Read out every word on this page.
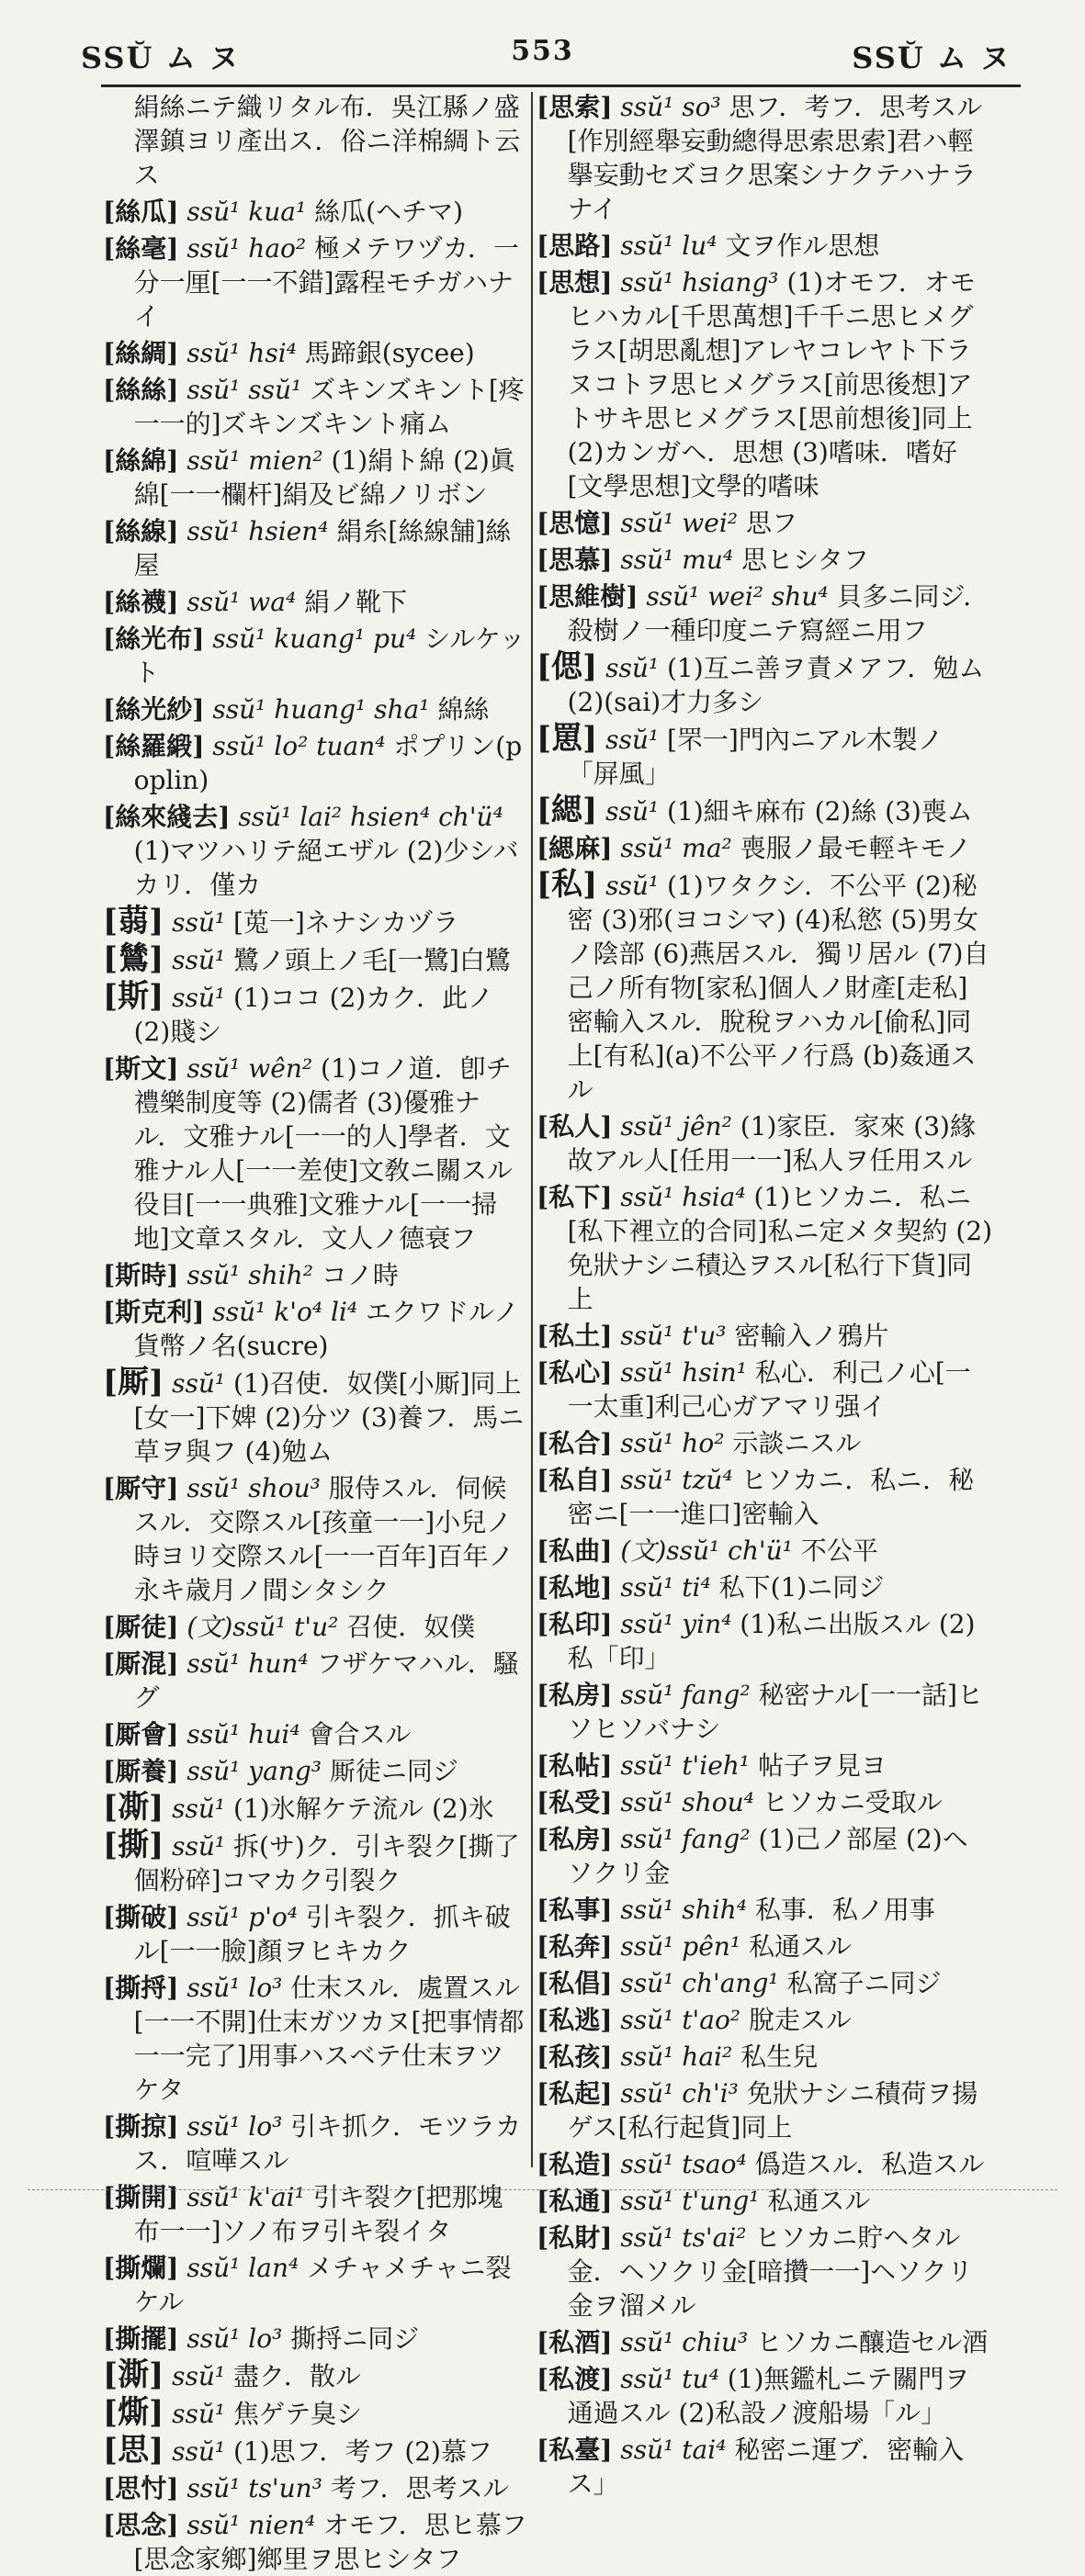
SSŬ ム ヌ	553	SSŬ ム ヌ

絹絲ニテ織リタル布．吳江縣ノ盛澤鎮ヨリ產出ス．俗ニ洋棉綢ト云ス

[絲瓜] ssŭ¹ kua¹ 絲瓜(ヘチマ)

[絲毫] ssŭ¹ hao² 極メテワヅカ．一分一厘[一一不錯]露程モチガハナイ

[絲綢] ssŭ¹ hsi⁴ 馬蹄銀(sycee)

[絲絲] ssŭ¹ ssŭ¹ ズキンズキント[疼一一的]ズキンズキント痛ム

[絲綿] ssŭ¹ mien² (1)絹ト綿 (2)眞綿[一一欄杆]絹及ビ綿ノリボン

[絲線] ssŭ¹ hsien⁴ 絹糸[絲線舗]絲屋

[絲襪] ssŭ¹ wa⁴ 絹ノ靴下

[絲光布] ssŭ¹ kuang¹ pu⁴ シルケット

[絲光紗] ssŭ¹ huang¹ sha¹ 綿絲

[絲羅緞] ssŭ¹ lo² tuan⁴ ポプリン(poplin)

[絲來綫去] ssŭ¹ lai² hsien⁴ ch'ü⁴ (1)マツハリテ絕エザル (2)少シバカリ．僅カ

[蒻] ssŭ¹ [莵一]ネナシカヅラ

[鷥] ssŭ¹ 鷺ノ頭上ノ毛[一鷺]白鷺

[斯] ssŭ¹ (1)ココ (2)カク．此ノ (2)賤シ

[斯文] ssŭ¹ wên² (1)コノ道．卽チ禮樂制度等 (2)儒者 (3)優雅ナル．文雅ナル[一一的人]學者．文雅ナル人[一一差使]文敎ニ關スル役目[一一典雅]文雅ナル[一一掃地]文章スタル．文人ノ德衰フ

[斯時] ssŭ¹ shih² コノ時

[斯克利] ssŭ¹ k'o⁴ li⁴ エクワドルノ貨幣ノ名(sucre)

[厮] ssŭ¹ (1)召使．奴僕[小厮]同上[女一]下婢 (2)分ツ (3)養フ．馬ニ草ヲ與フ (4)勉ム

[厮守] ssŭ¹ shou³ 服侍スル．伺候スル．交際スル[孩童一一]小兒ノ時ヨリ交際スル[一一百年]百年ノ永キ歳月ノ間シタシク

[厮徒] (文)ssŭ¹ t'u² 召使．奴僕

[厮混] ssŭ¹ hun⁴ フザケマハル．騷グ

[厮會] ssŭ¹ hui⁴ 會合スル

[厮養] ssŭ¹ yang³ 厮徒ニ同ジ

[凘] ssŭ¹ (1)氷解ケテ流ル (2)氷

[撕] ssŭ¹ 拆(サ)ク．引キ裂ク[撕了個粉碎]コマカク引裂ク

[撕破] ssŭ¹ p'o⁴ 引キ裂ク．抓キ破ル[一一臉]顏ヲヒキカク

[撕捋] ssŭ¹ lo³ 仕末スル．處置スル[一一不開]仕末ガツカヌ[把事情都一一完了]用事ハスベテ仕末ヲツケタ

[撕掠] ssŭ¹ lo³ 引キ抓ク．モツラカス．喧嘩スル

[撕開] ssŭ¹ k'ai¹ 引キ裂ク[把那塊布一一]ソノ布ヲ引キ裂イタ

[撕爛] ssŭ¹ lan⁴ メチャメチャニ裂ケル

[撕擺] ssŭ¹ lo³ 撕捋ニ同ジ

[澌] ssŭ¹ 盡ク．散ル

[燍] ssŭ¹ 焦ゲテ臭シ

[思] ssŭ¹ (1)思フ．考フ (2)慕フ

[思忖] ssŭ¹ ts'un³ 考フ．思考スル

[思念] ssŭ¹ nien⁴ オモフ．思ヒ慕フ[思念家鄉]鄉里ヲ思ヒシタフ

[思索] ssŭ¹ so³ 思フ．考フ．思考スル[作別經舉妄動總得思索思索]君ハ輕擧妄動セズヨク思案シナクテハナラナイ

[思路] ssŭ¹ lu⁴ 文ヲ作ル思想

[思想] ssŭ¹ hsiang³ (1)オモフ．オモヒハカル[千思萬想]千千ニ思ヒメグラス[胡思亂想]アレヤコレヤト下ラヌコトヲ思ヒメグラス[前思後想]アトサキ思ヒメグラス[思前想後]同上 (2)カンガヘ．思想 (3)嗜味．嗜好[文學思想]文學的嗜味

[思憶] ssŭ¹ wei² 思フ

[思慕] ssŭ¹ mu⁴ 思ヒシタフ

[思維樹] ssŭ¹ wei² shu⁴ 貝多ニ同ジ．殺樹ノ一種印度ニテ寫經ニ用フ

[偲] ssŭ¹ (1)互ニ善ヲ責メアフ．勉ム (2)(sai)才力多シ

[罳] ssŭ¹ [罘一]門內ニアル木製ノ「屏風」

[緦] ssŭ¹ (1)細キ麻布 (2)絲 (3)喪ム

[緦麻] ssŭ¹ ma² 喪服ノ最モ輕キモノ

[私] ssŭ¹ (1)ワタクシ．不公平 (2)秘密 (3)邪(ヨコシマ) (4)私慾 (5)男女ノ陰部 (6)燕居スル．獨リ居ル (7)自己ノ所有物[家私]個人ノ財產[走私]密輸入スル．脫稅ヲハカル[偷私]同上[有私](a)不公平ノ行爲 (b)姦通スル

[私人] ssŭ¹ jên² (1)家臣．家來 (3)緣故アル人[任用一一]私人ヲ任用スル

[私下] ssŭ¹ hsia⁴ (1)ヒソカニ．私ニ[私下裡立的合同]私ニ定メタ契約 (2)免狀ナシニ積込ヲスル[私行下貨]同上

[私土] ssŭ¹ t'u³ 密輸入ノ鴉片

[私心] ssŭ¹ hsin¹ 私心．利己ノ心[一一太重]利己心ガアマリ强イ

[私合] ssŭ¹ ho² 示談ニスル

[私自] ssŭ¹ tzŭ⁴ ヒソカニ．私ニ．秘密ニ[一一進口]密輸入

[私曲] (文)ssŭ¹ ch'ü¹ 不公平

[私地] ssŭ¹ ti⁴ 私下(1)ニ同ジ

[私印] ssŭ¹ yin⁴ (1)私ニ出版スル (2)私「印」

[私房] ssŭ¹ fang² 秘密ナル[一一話]ヒソヒソバナシ

[私帖] ssŭ¹ t'ieh¹ 帖子ヲ見ヨ

[私受] ssŭ¹ shou⁴ ヒソカニ受取ル

[私房] ssŭ¹ fang² (1)己ノ部屋 (2)ヘソクリ金

[私事] ssŭ¹ shih⁴ 私事．私ノ用事

[私奔] ssŭ¹ pên¹ 私通スル

[私倡] ssŭ¹ ch'ang¹ 私窩子ニ同ジ

[私逃] ssŭ¹ t'ao² 脫走スル

[私孩] ssŭ¹ hai² 私生兒

[私起] ssŭ¹ ch'i³ 免狀ナシニ積荷ヲ揚ゲス[私行起貨]同上

[私造] ssŭ¹ tsao⁴ 僞造スル．私造スル

[私通] ssŭ¹ t'ung¹ 私通スル

[私財] ssŭ¹ ts'ai² ヒソカニ貯ヘタル金．ヘソクリ金[暗攢一一]ヘソクリ金ヲ溜メル

[私酒] ssŭ¹ chiu³ ヒソカニ釀造セル酒

[私渡] ssŭ¹ tu⁴ (1)無鑑札ニテ關門ヲ通過スル (2)私設ノ渡船場「ル」

[私臺] ssŭ¹ tai⁴ 秘密ニ運ブ．密輸入ス」
